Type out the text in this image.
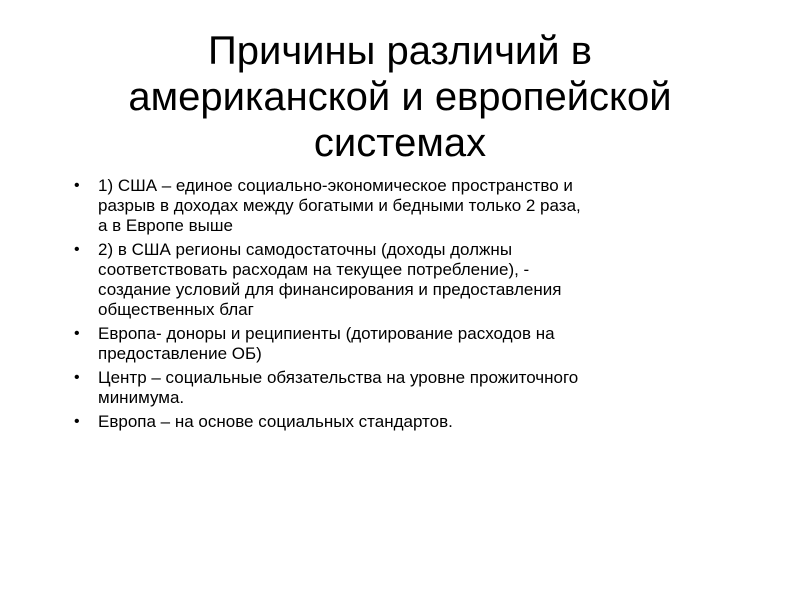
Причины различий в
американской и европейской
системах
• 1) США – единое социально-экономическое пространство и
разрыв в доходах между богатыми и бедными только 2 раза,
а в Европе выше
• 2) в США регионы самодостаточны (доходы должны
соответствовать расходам на текущее потребление), -
создание условий для финансирования и предоставления
общественных благ
• Европа- доноры и реципиенты (дотирование расходов на
предоставление ОБ)
• Центр – социальные обязательства на уровне прожиточного
минимума.
• Европа – на основе социальных стандартов.
